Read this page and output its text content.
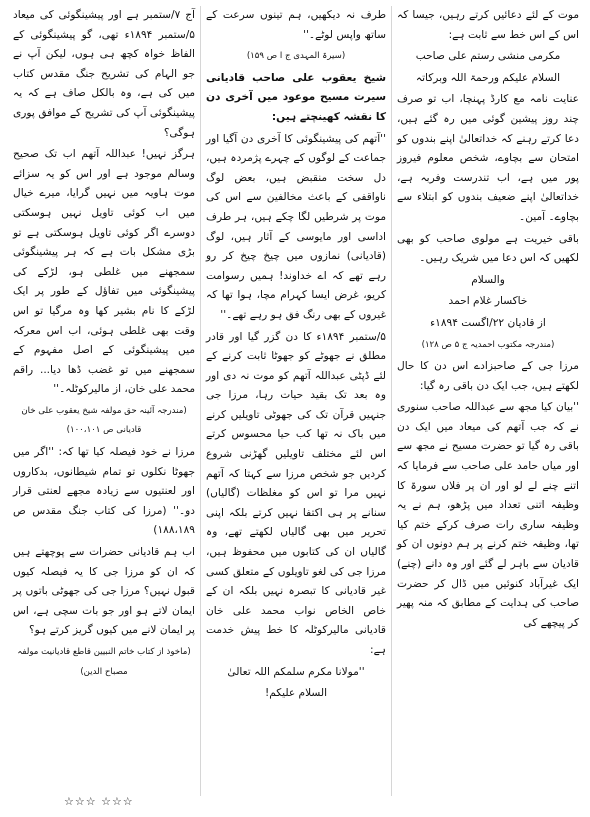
موت کے لئے دعائیں کرتے رہیں، جیسا کہ اس کے اس خط سے ثابت ہے:

مکرمی منشی رستم علی صاحب

السلام علیکم ورحمۃ اللہ وبرکاتہ

عنایت نامہ مع کارڈ پہنچا، اب تو صرف چند روز پیشین گوئی میں رہ گئے ہیں، دعا کرتے رہنے کہ خداتعالیٰ اپنے بندوں کو امتحان سے بچاوے، شخص معلوم فیروز پور میں ہے، اب تندرست وفربہ ہے، خداتعالیٰ اپنے ضعیف بندوں کو ابتلاء سے بچاوے۔ آمین۔

باقی خیریت ہے مولوی صاحب کو بھی لکھیں کہ اس دعا میں شریک رہیں۔

والسلام

خاکسار غلام احمد

از قادیان ۲۲/اگست ۱۸۹۴ء

(مندرجہ مکتوب احمدیہ ج ۵ ص ۱۲۸)

مرزا جی کے صاحبزادے اس دن کا حال لکھتے ہیں، جب ایک دن باقی رہ گیا:

''بیان کیا مجھ سے عبداللہ صاحب سنوری نے کہ جب آتھم کی میعاد میں ایک دن باقی رہ گیا تو حضرت مسیح نے مجھ سے اور میاں حامد علی صاحب سے فرمایا کہ اتنے چنے لے لو اور ان پر فلاں سورۃ کا وظیفہ اتنی تعداد میں پڑھو، ہم نے یہ وظیفہ ساری رات صرف کرکے ختم کیا تھا، وظیفہ ختم کرنے پر ہم دونوں ان کو قادیان سے باہر لے گئے اور وہ دانے (چنے) ایک غیرآباد کنوئیں میں ڈال کر حضرت صاحب کی ہدایت کے مطابق کہ منہ پھیر کر پیچھے کی

طرف نہ دیکھیں، ہم تینوں سرعت کے ساتھ واپس لوٹے۔''

(سیرۃ المہدی ج ا ص ۱۵۹)

شیخ یعقوب علی صاحب قادیانی سیرت مسیح موعود میں آخری دن کا نقشہ کھینچتے ہیں:

''آتھم کی پیشینگوئی کا آخری دن آگیا اور جماعت کے لوگوں کے چہرے پژمردہ ہیں، دل سخت منقبض ہیں، بعض لوگ ناواقفی کے باعث مخالفین سے اس کی موت پر شرطیں لگا چکے ہیں، ہر طرف اداسی اور مایوسی کے آثار ہیں، لوگ (قادیانی) نمازوں میں چیخ چیخ کر رو رہے تھے کہ اے خداوند! ہمیں رسوامت کریو، غرض ایسا کہرام مچا، ہوا تھا کہ غیروں کے بھی رنگ فق ہو رہے تھے۔''

۵/ستمبر ۱۸۹۴ء کا دن گزر گیا اور قادر مطلق نے جھوٹے کو جھوٹا ثابت کرنے کے لئے ڈپٹی عبداللہ آتھم کو موت نہ دی اور وہ بعد تک بقید حیات رہا، مرزا جی جنہیں قرآن تک کی جھوٹی تاویلیں کرنے میں باک نہ تھا کب حیا محسوس کرتے اس لئے مختلف تاویلیں گھڑنی شروع کردیں جو شخص مرزا سے کہتا کہ آتھم نہیں مرا تو اس کو مغلظات (گالیاں) سنانے پر ہی اکتفا نہیں کرتے بلکہ اپنی تحریر میں بھی گالیاں لکھتے تھے، وہ گالیاں ان کی کتابوں میں محفوظ ہیں، مرزا جی کی لغو تاویلوں کے متعلق کسی غیر قادیانی کا تبصرہ نہیں بلکہ ان کے خاص الخاص نواب محمد علی خان قادیانی مالیرکوٹلہ کا خط پیش خدمت ہے:

''مولانا مکرم سلمکم اللہ تعالیٰ

السلام علیکم!

آج ۷/ستمبر ہے اور پیشینگوئی کی میعاد ۵/ستمبر ۱۸۹۴ء تھی، گو پیشینگوئی کے الفاظ خواہ کچھ ہی ہوں، لیکن آپ نے جو الہام کی تشریح جنگ مقدس کتاب میں کی ہے، وہ بالکل صاف ہے کہ یہ پیشینگوئی آپ کی تشریح کے موافق پوری ہوگی؟

ہرگز نہیں! عبداللہ آتھم اب تک صحیح وسالم موجود ہے اور اس کو یہ سزائے موت ہاویہ میں نہیں گرایا، میرے خیال میں اب کوئی تاویل نہیں ہوسکتی دوسرے اگر کوئی تاویل ہوسکتی ہے تو بڑی مشکل بات ہے کہ ہر پیشینگوئی سمجھنے میں غلطی ہو، لڑکے کی پیشینگوئی میں تفاؤل کے طور پر ایک لڑکے کا نام بشیر کھا وہ مرگیا تو اس وقت بھی غلطی ہوئی، اب اس معرکہ میں پیشینگوئی کے اصل مفہوم کے سمجھنے میں تو غضب ڈھا دیا... راقم محمد علی خان، از مالیرکوٹلہ۔''

(مندرجہ آئینہ حق مولفہ شیخ یعقوب علی خان قادیانی ص ۱۰۰،۱۰۱)

مرزا نے خود فیصلہ کیا تھا کہ: ''اگر میں جھوٹا نکلوں تو تمام شیطانوں، بدکاروں اور لعنتیوں سے زیادہ مجھے لعنتی قرار دو۔'' (مرزا کی کتاب جنگ مقدس ص ۱۸۸،۱۸۹)

اب ہم قادیانی حضرات سے پوچھتے ہیں کہ ان کو مرزا جی کا یہ فیصلہ کیوں قبول نہیں؟ مرزا جی کی جھوٹی باتوں پر ایمان لاتے ہو اور جو بات سچی ہے، اس پر ایمان لانے میں کیوں گریز کرتے ہو؟

(ماخوذ از کتاب خاتم النبیین قاطع قادیانیت مولفہ مصباح الدین)

☆☆☆ ☆☆☆
